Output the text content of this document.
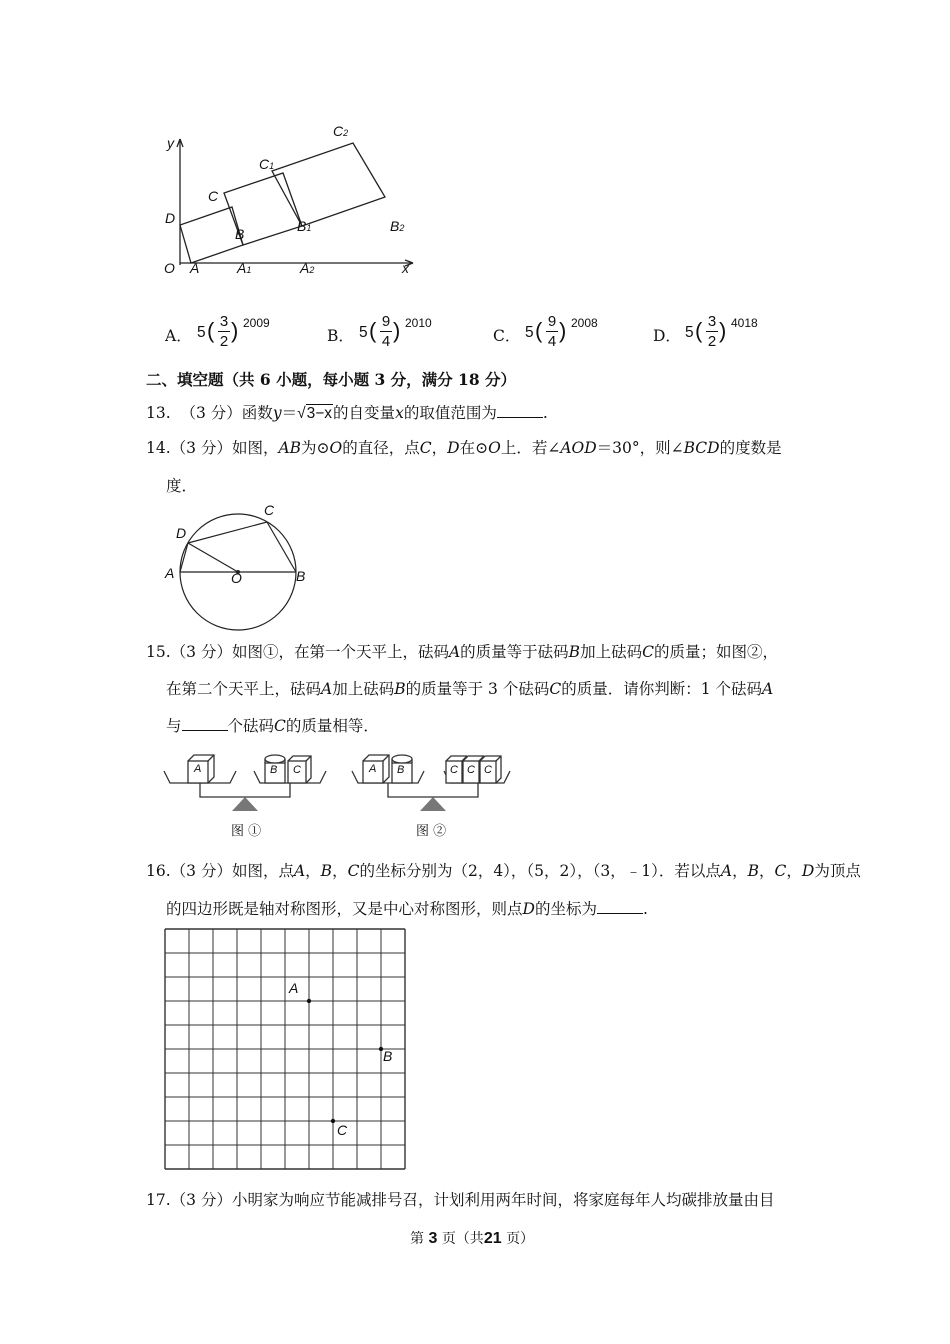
y
x
O A	A1	A2
B	B1	B2
C
C1
C2
D
A． 5 ( 3
2 ) 2009
B． 5 ( 9
4 ) 2010
C． 5 ( 9
4 ) 2008
D． 5 ( 3
2 ) 4018
二、填空题（共 6 小题，每小题 3 分，满分 18 分）
13. （3 分）函数y＝√3−x的自变量x的取值范围为	.
14.（3 分）如图，AB为⊙O的直径，点C，D在⊙O上．若∠AOD＝30°，则∠BCD的度数是
度．
A	B
C
D
O
15.（3 分）如图①，在第一个天平上，砝码A的质量等于砝码B加上砝码C的质量；如图②，
在第二个天平上，砝码A加上砝码B的质量等于 3 个砝码C的质量．请你判断：1 个砝码A
与	个砝码C的质量相等．
A	B C	A B	C C C
图 ①	图 ②
16.（3 分）如图，点A，B，C的坐标分别为（2，4），（5，2），（3，﹣1）．若以点A，B，C，D为顶点
的四边形既是轴对称图形，又是中心对称图形，则点D的坐标为	.
A
B
C
17.（3 分）小明家为响应节能减排号召，计划利用两年时间，将家庭每年人均碳排放量由目
第 3 页（共21 页）
